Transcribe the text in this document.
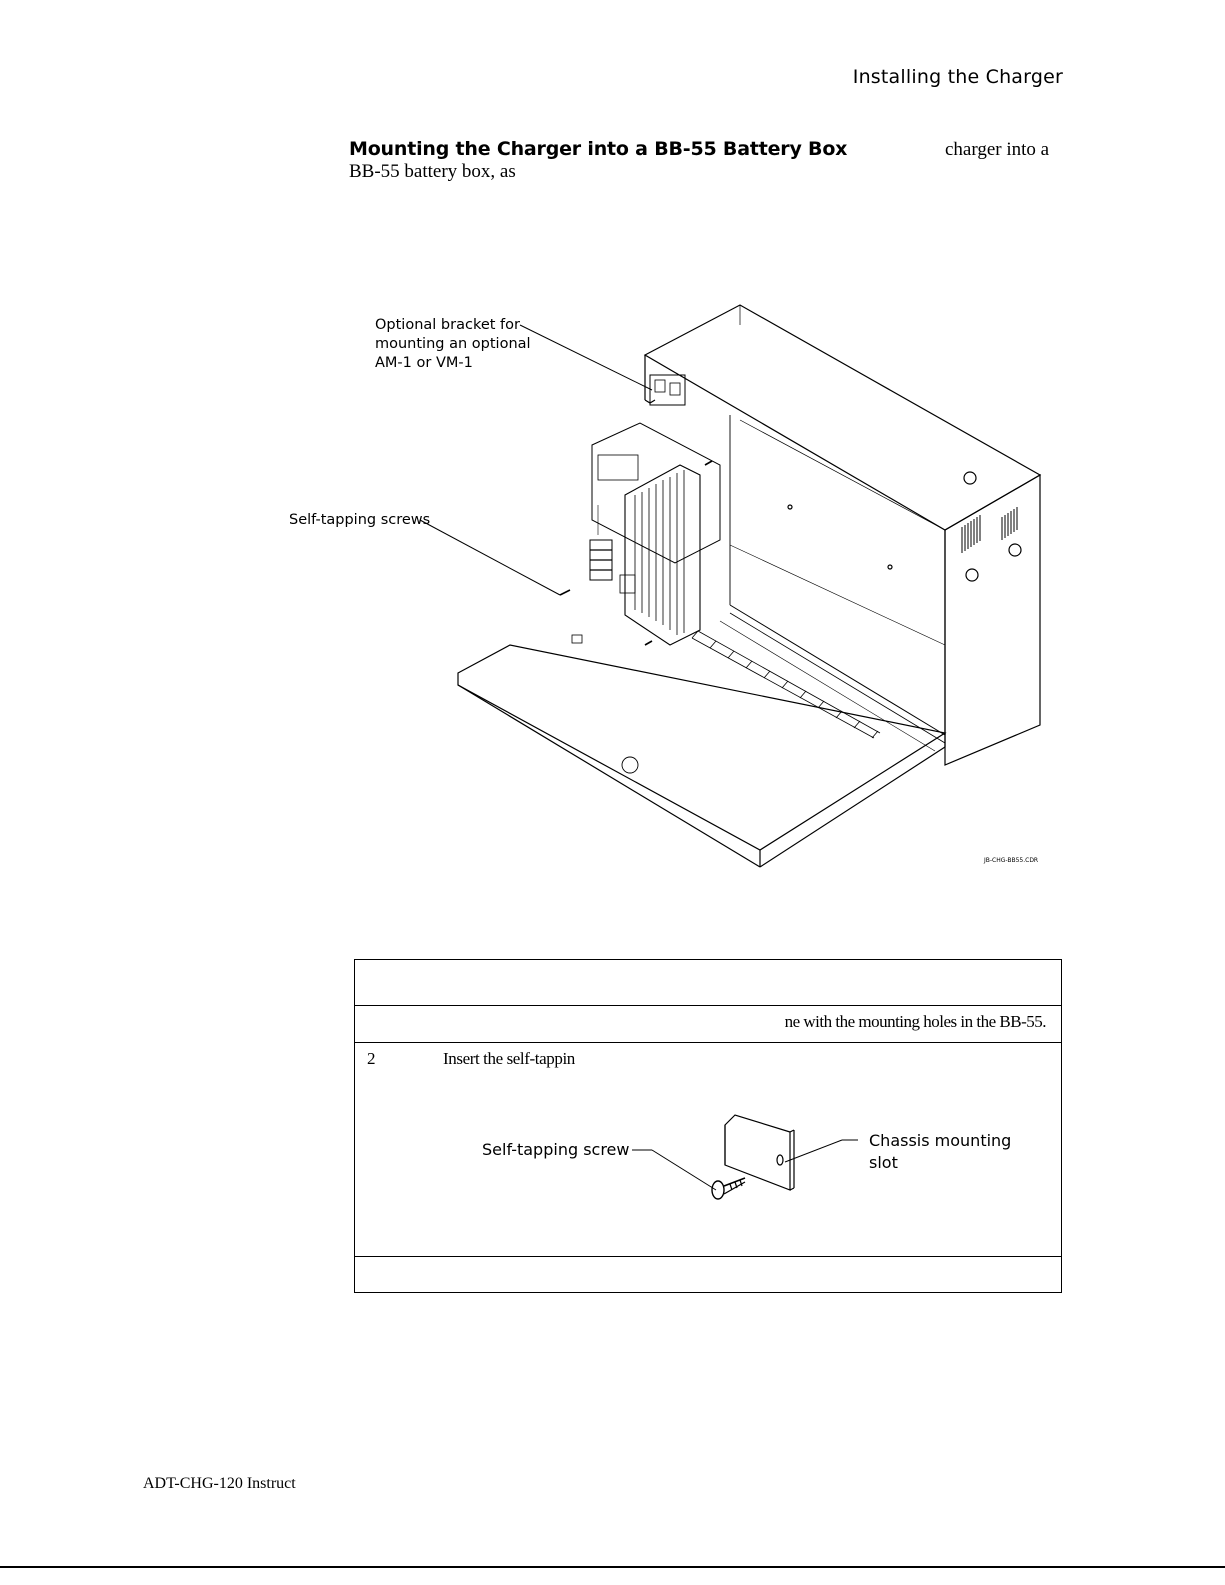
Installing the Charger

Mounting the Charger into a BB-55 Battery Box	charger into a

BB-55 battery box, as

Optional bracket for
mounting an optional
AM-1 or VM-1
Self-tapping screws
JB-CHG-BB55.CDR

ne with the mounting holes in the BB-55.

2	Insert the self-tappin

Self-tapping screw	Chassis mounting
slot

ADT-CHG-120 Instruct
